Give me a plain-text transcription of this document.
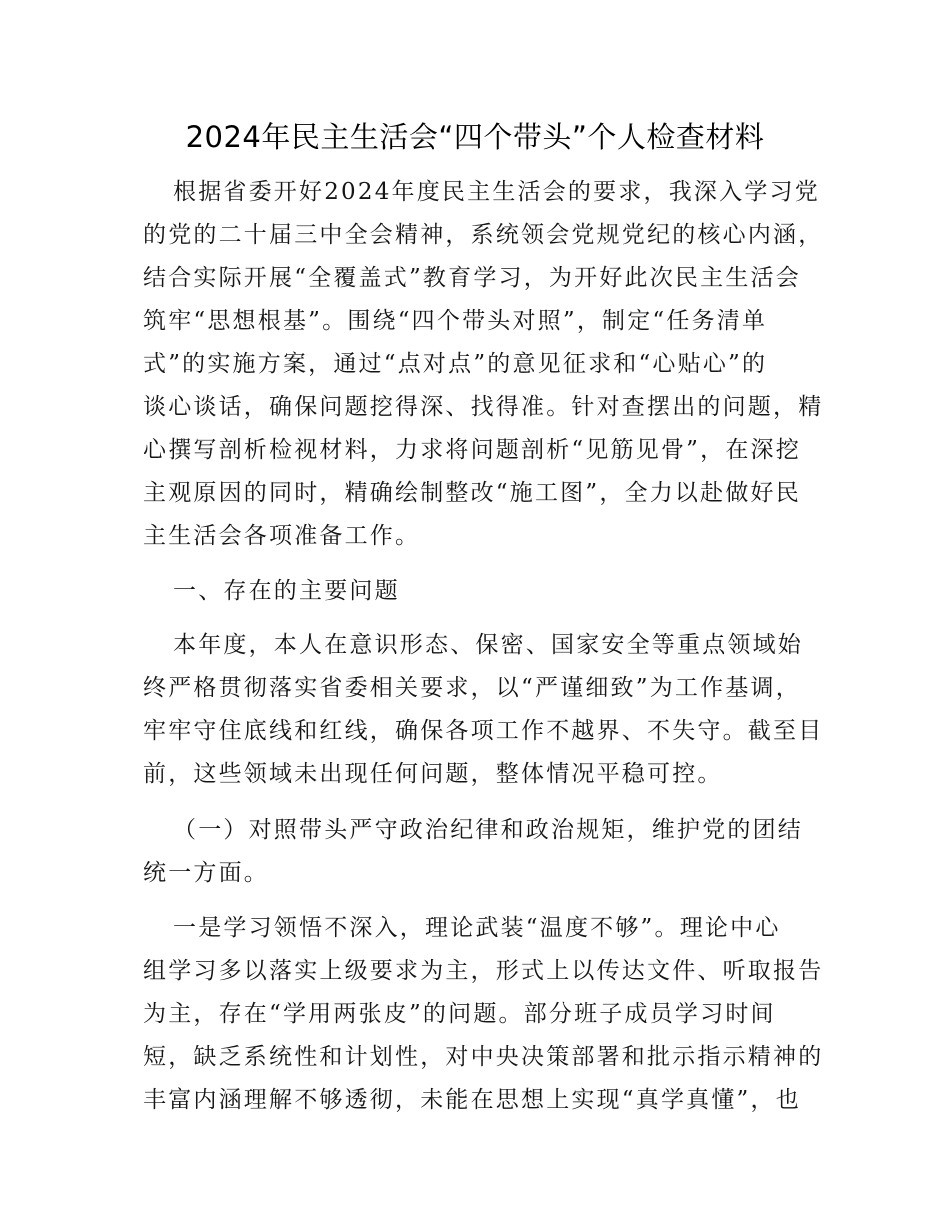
2024年民主生活会“四个带头”个人检查材料
根据省委开好2024年度民主生活会的要求，我深入学习党
的党的二十届三中全会精神，系统领会党规党纪的核心内涵，
结合实际开展“全覆盖式”教育学习，为开好此次民主生活会
筑牢“思想根基”。围绕“四个带头对照”，制定“任务清单
式”的实施方案，通过“点对点”的意见征求和“心贴心”的
谈心谈话，确保问题挖得深、找得准。针对查摆出的问题，精
心撰写剖析检视材料，力求将问题剖析“见筋见骨”，在深挖
主观原因的同时，精确绘制整改“施工图”，全力以赴做好民
主生活会各项准备工作。
一、存在的主要问题
本年度，本人在意识形态、保密、国家安全等重点领域始
终严格贯彻落实省委相关要求，以“严谨细致”为工作基调，
牢牢守住底线和红线，确保各项工作不越界、不失守。截至目
前，这些领域未出现任何问题，整体情况平稳可控。
（一）对照带头严守政治纪律和政治规矩，维护党的团结
统一方面。
一是学习领悟不深入，理论武装“温度不够”。理论中心
组学习多以落实上级要求为主，形式上以传达文件、听取报告
为主，存在“学用两张皮”的问题。部分班子成员学习时间
短，缺乏系统性和计划性，对中央决策部署和批示指示精神的
丰富内涵理解不够透彻，未能在思想上实现“真学真懂”，也
